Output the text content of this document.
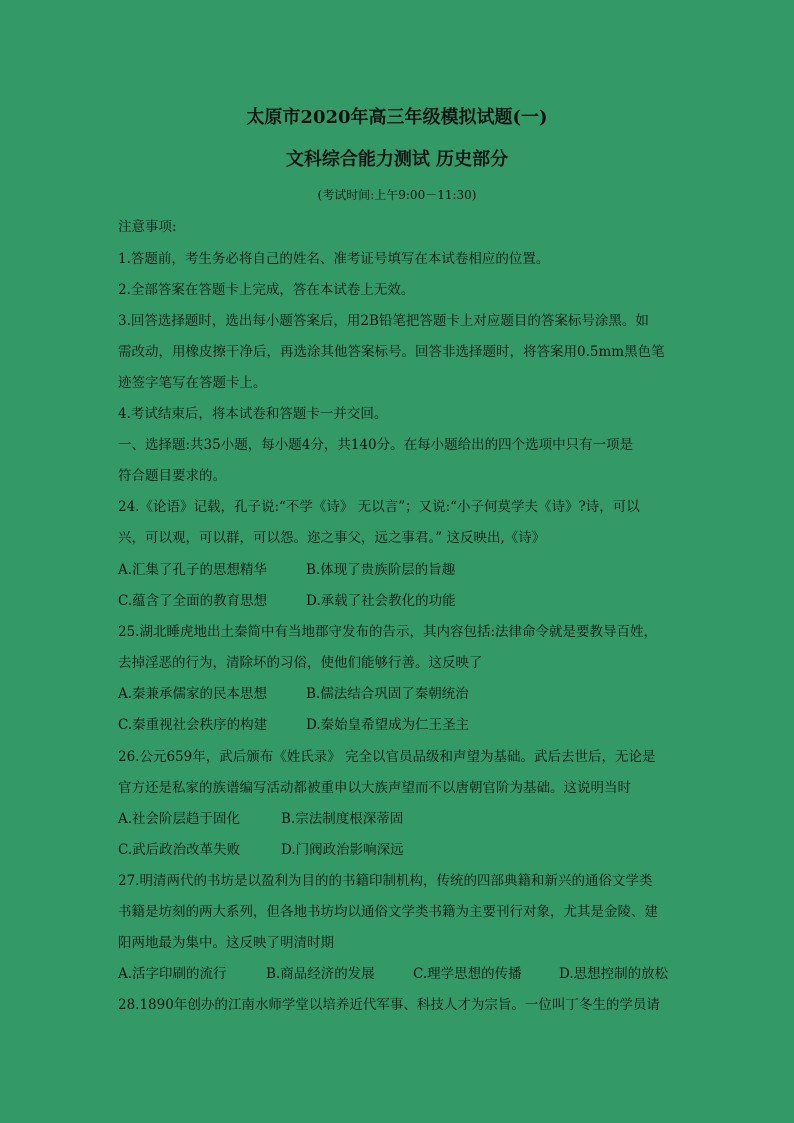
太原市2020年高三年级模拟试题(一)
文科综合能力测试 历史部分
(考试时间:上午9:00－11:30)
注意事项:
1.答题前，考生务必将自己的姓名、准考证号填写在本试卷相应的位置。
2.全部答案在答题卡上完成，答在本试卷上无效。
3.回答选择题时，选出每小题答案后，用2B铅笔把答题卡上对应题目的答案标号涂黑。如
需改动，用橡皮擦干净后，再选涂其他答案标号。回答非选择题时，将答案用0.5mm黑色笔
迹签字笔写在答题卡上。
4.考试结束后，将本试卷和答题卡一并交回。
一、选择题:共35小题，每小题4分，共140分。在每小题给出的四个选项中只有一项是
符合题目要求的。
24.《论语》记载，孔子说:“不学《诗》 无以言”；又说:“小子何莫学夫《诗》?诗，可以
兴，可以观，可以群，可以怨。迩之事父，远之事君。” 这反映出,《诗》
A.汇集了孔子的思想精华	B.体现了贵族阶层的旨趣
C.蕴含了全面的教育思想	D.承载了社会教化的功能
25.湖北睡虎地出土秦简中有当地郡守发布的告示，其内容包括:法律命令就是要教导百姓，
去掉淫恶的行为，清除坏的习俗，使他们能够行善。这反映了
A.秦兼承儒家的民本思想	B.儒法结合巩固了秦朝统治
C.秦重视社会秩序的构建	D.秦始皇希望成为仁王圣主
26.公元659年，武后颁布《姓氏录》 完全以官员品级和声望为基础。武后去世后，无论是
官方还是私家的族谱编写活动都被重申以大族声望而不以唐朝官阶为基础。这说明当时
A.社会阶层趋于固化	B.宗法制度根深蒂固
C.武后政治改革失败	D.门阀政治影响深远
27.明清两代的书坊是以盈利为目的的书籍印制机构，传统的四部典籍和新兴的通俗文学类
书籍是坊刻的两大系列，但各地书坊均以通俗文学类书籍为主要刊行对象，尤其是金陵、建
阳两地最为集中。这反映了明清时期
A.活字印刷的流行	B.商品经济的发展	C.理学思想的传播	D.思想控制的放松
28.1890年创办的江南水师学堂以培养近代军事、科技人才为宗旨。一位叫丁冬生的学员请
